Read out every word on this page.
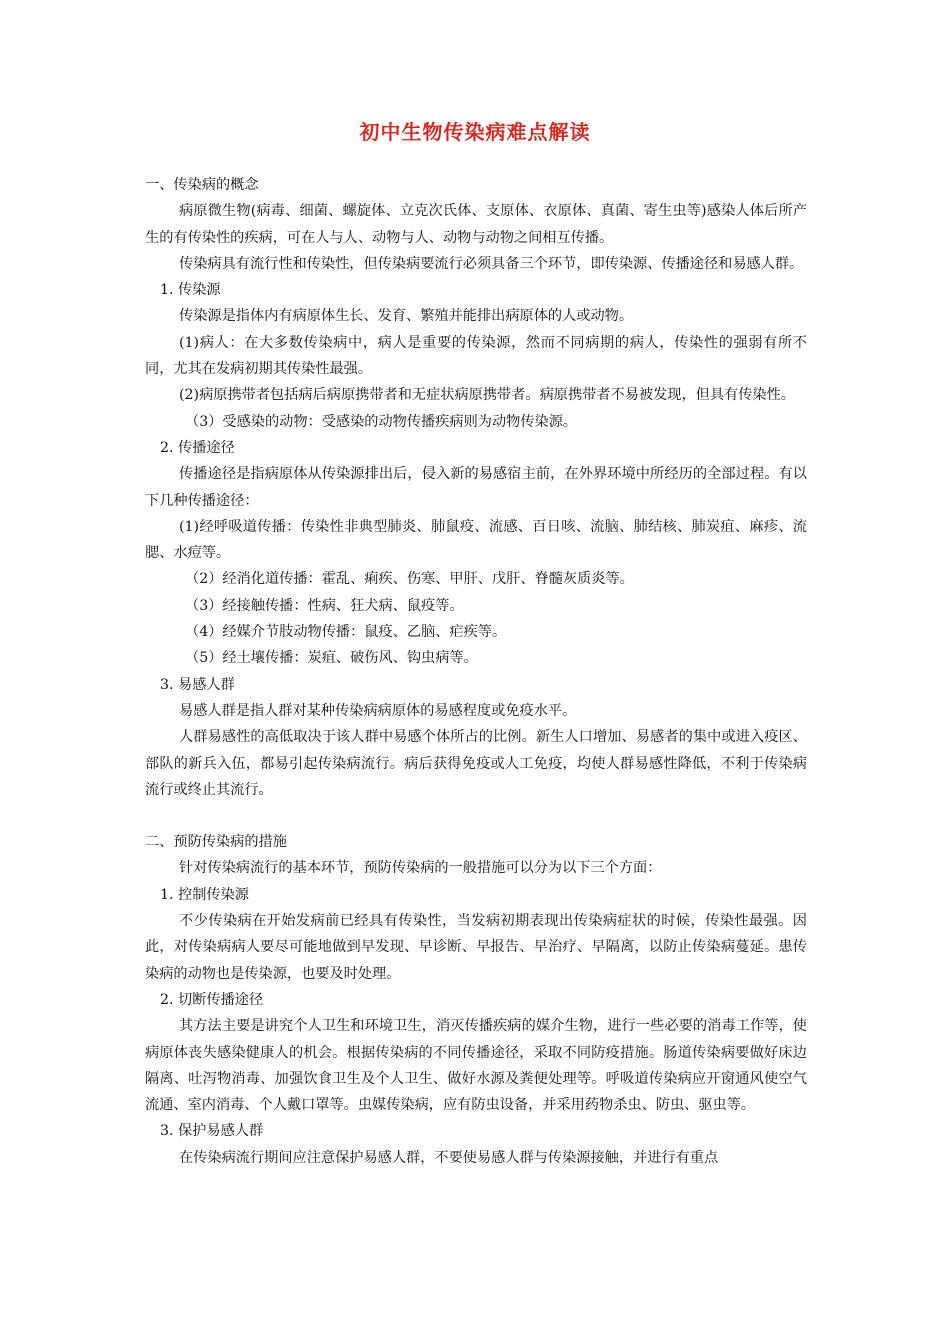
初中生物传染病难点解读

一、传染病的概念

病原微生物(病毒、细菌、螺旋体、立克次氏体、支原体、衣原体、真菌、寄生虫等)感染人体后所产生的有传染性的疾病，可在人与人、动物与人、动物与动物之间相互传播。

传染病具有流行性和传染性，但传染病要流行必须具备三个环节，即传染源、传播途径和易感人群。

1. 传染源

传染源是指体内有病原体生长、发育、繁殖并能排出病原体的人或动物。

(1)病人：在大多数传染病中，病人是重要的传染源，然而不同病期的病人，传染性的强弱有所不同，尤其在发病初期其传染性最强。

(2)病原携带者包括病后病原携带者和无症状病原携带者。病原携带者不易被发现，但具有传染性。

（3）受感染的动物：受感染的动物传播疾病则为动物传染源。

2. 传播途径

传播途径是指病原体从传染源排出后，侵入新的易感宿主前，在外界环境中所经历的全部过程。有以下几种传播途径：

(1)经呼吸道传播：传染性非典型肺炎、肺鼠疫、流感、百日咳、流脑、肺结核、肺炭疽、麻疹、流腮、水痘等。

（2）经消化道传播：霍乱、痢疾、伤寒、甲肝、戊肝、脊髓灰质炎等。

（3）经接触传播：性病、狂犬病、鼠疫等。

（4）经媒介节肢动物传播：鼠疫、乙脑、疟疾等。

（5）经土壤传播：炭疽、破伤风、钩虫病等。

3. 易感人群

易感人群是指人群对某种传染病病原体的易感程度或免疫水平。

人群易感性的高低取决于该人群中易感个体所占的比例。新生人口增加、易感者的集中或进入疫区、部队的新兵入伍，都易引起传染病流行。病后获得免疫或人工免疫，均使人群易感性降低，不利于传染病流行或终止其流行。

二、预防传染病的措施

针对传染病流行的基本环节，预防传染病的一般措施可以分为以下三个方面：

1. 控制传染源

不少传染病在开始发病前已经具有传染性，当发病初期表现出传染病症状的时候，传染性最强。因此，对传染病病人要尽可能地做到早发现、早诊断、早报告、早治疗、早隔离，以防止传染病蔓延。患传染病的动物也是传染源，也要及时处理。

2. 切断传播途径

其方法主要是讲究个人卫生和环境卫生，消灭传播疾病的媒介生物，进行一些必要的消毒工作等，使病原体丧失感染健康人的机会。根据传染病的不同传播途径，采取不同防疫措施。肠道传染病要做好床边隔离、吐泻物消毒、加强饮食卫生及个人卫生、做好水源及粪便处理等。呼吸道传染病应开窗通风使空气流通、室内消毒、个人戴口罩等。虫媒传染病，应有防虫设备，并采用药物杀虫、防虫、驱虫等。

3. 保护易感人群

在传染病流行期间应注意保护易感人群，不要使易感人群与传染源接触，并进行有重点
